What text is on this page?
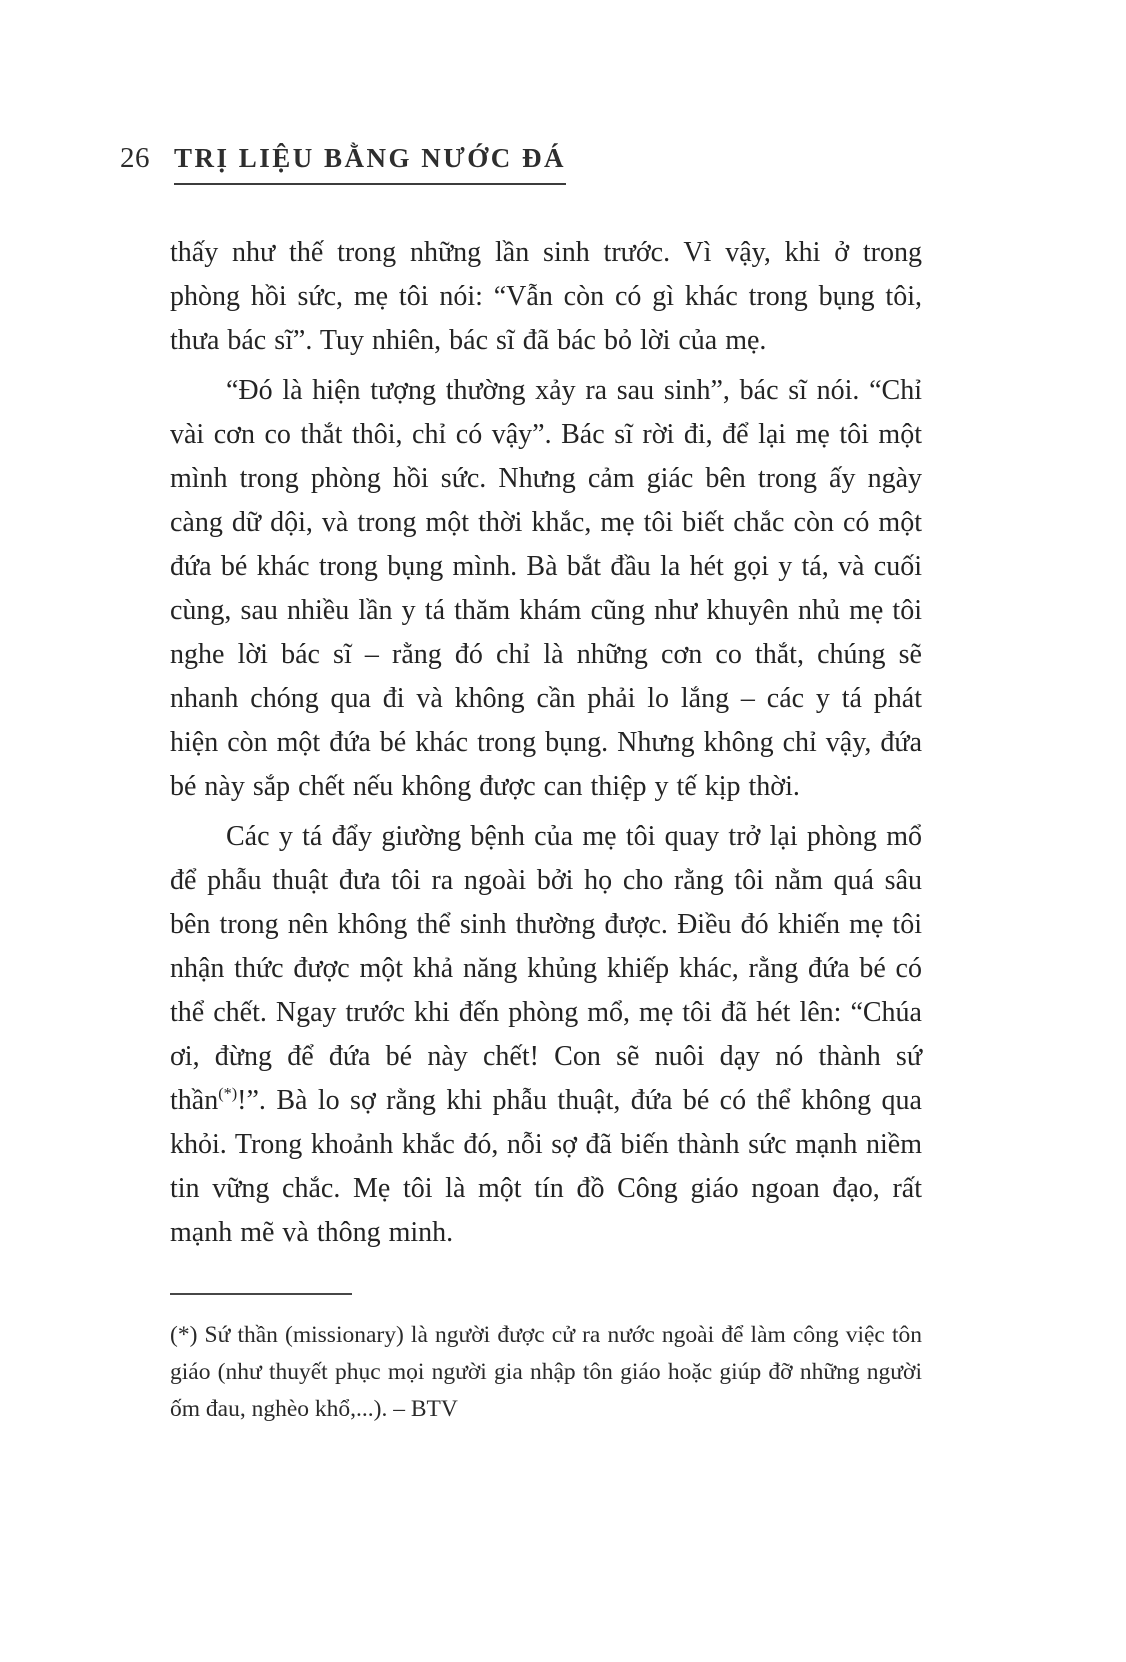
26 TRỊ LIỆU BẰNG NƯỚC ĐÁ

thấy như thế trong những lần sinh trước. Vì vậy, khi ở trong phòng hồi sức, mẹ tôi nói: “Vẫn còn có gì khác trong bụng tôi, thưa bác sĩ”. Tuy nhiên, bác sĩ đã bác bỏ lời của mẹ.

“Đó là hiện tượng thường xảy ra sau sinh”, bác sĩ nói. “Chỉ vài cơn co thắt thôi, chỉ có vậy”. Bác sĩ rời đi, để lại mẹ tôi một mình trong phòng hồi sức. Nhưng cảm giác bên trong ấy ngày càng dữ dội, và trong một thời khắc, mẹ tôi biết chắc còn có một đứa bé khác trong bụng mình. Bà bắt đầu la hét gọi y tá, và cuối cùng, sau nhiều lần y tá thăm khám cũng như khuyên nhủ mẹ tôi nghe lời bác sĩ – rằng đó chỉ là những cơn co thắt, chúng sẽ nhanh chóng qua đi và không cần phải lo lắng – các y tá phát hiện còn một đứa bé khác trong bụng. Nhưng không chỉ vậy, đứa bé này sắp chết nếu không được can thiệp y tế kịp thời.

Các y tá đẩy giường bệnh của mẹ tôi quay trở lại phòng mổ để phẫu thuật đưa tôi ra ngoài bởi họ cho rằng tôi nằm quá sâu bên trong nên không thể sinh thường được. Điều đó khiến mẹ tôi nhận thức được một khả năng khủng khiếp khác, rằng đứa bé có thể chết. Ngay trước khi đến phòng mổ, mẹ tôi đã hét lên: “Chúa ơi, đừng để đứa bé này chết! Con sẽ nuôi dạy nó thành sứ thần(*)!”. Bà lo sợ rằng khi phẫu thuật, đứa bé có thể không qua khỏi. Trong khoảnh khắc đó, nỗi sợ đã biến thành sức mạnh niềm tin vững chắc. Mẹ tôi là một tín đồ Công giáo ngoan đạo, rất mạnh mẽ và thông minh.

(*) Sứ thần (missionary) là người được cử ra nước ngoài để làm công việc tôn giáo (như thuyết phục mọi người gia nhập tôn giáo hoặc giúp đỡ những người ốm đau, nghèo khổ,...). – BTV
